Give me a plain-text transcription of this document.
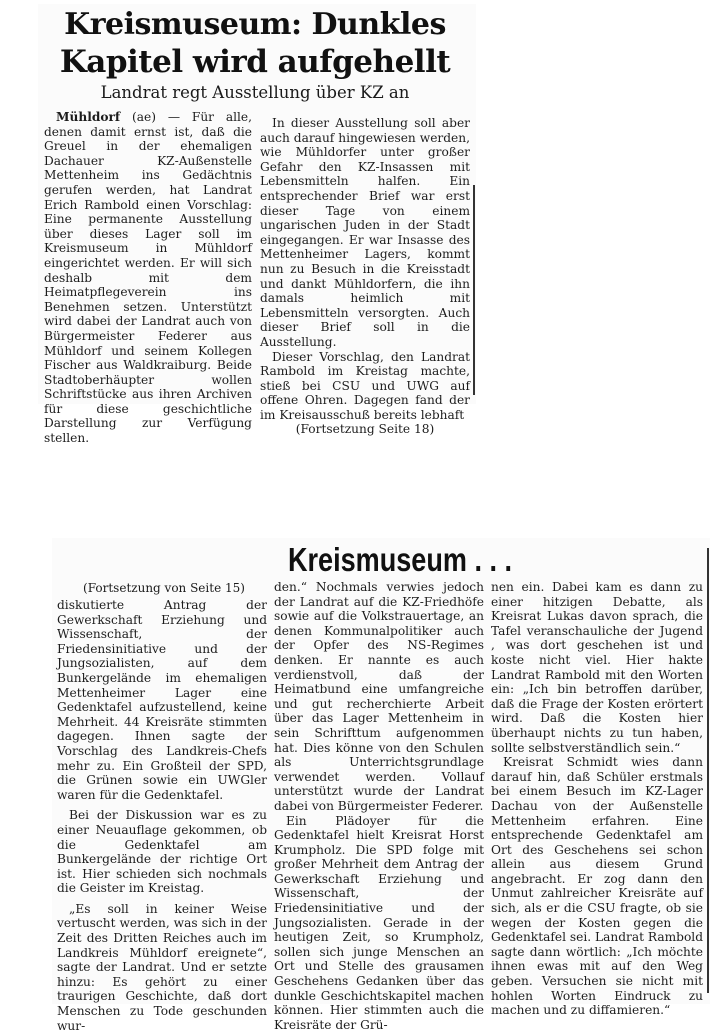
Kreismuseum: Dunkles
Kapitel wird aufgehellt
Landrat regt Ausstellung über KZ an

Mühldorf (ae) — Für alle, denen damit ernst ist, daß die Greuel in der ehemaligen Dachauer KZ-Außenstelle Mettenheim ins Gedächtnis gerufen werden, hat Landrat Erich Rambold einen Vorschlag: Eine permanente Ausstellung über dieses Lager soll im Kreismuseum in Mühldorf eingerichtet werden. Er will sich deshalb mit dem Heimatpflegeverein ins Benehmen setzen. Unterstützt wird dabei der Landrat auch von Bürgermeister Federer aus Mühldorf und seinem Kollegen Fischer aus Waldkraiburg. Beide Stadtoberhäupter wollen Schriftstücke aus ihren Archiven für diese geschichtliche Darstellung zur Verfügung stellen.

In dieser Ausstellung soll aber auch darauf hingewiesen werden, wie Mühldorfer unter großer Gefahr den KZ-Insassen mit Lebensmitteln halfen. Ein entsprechender Brief war erst dieser Tage von einem ungarischen Juden in der Stadt eingegangen. Er war Insasse des Mettenheimer Lagers, kommt nun zu Besuch in die Kreisstadt und dankt Mühldorfern, die ihn damals heimlich mit Lebensmitteln versorgten. Auch dieser Brief soll in die Ausstellung.

Dieser Vorschlag, den Landrat Rambold im Kreistag machte, stieß bei CSU und UWG auf offene Ohren. Dagegen fand der im Kreisausschuß bereits lebhaft

(Fortsetzung Seite 18)

Kreismuseum . . .
(Fortsetzung von Seite 15)

diskutierte Antrag der Gewerkschaft Erziehung und Wissenschaft, der Friedensinitiative und der Jungsozialisten, auf dem Bunkergelände im ehemaligen Mettenheimer Lager eine Gedenktafel aufzustellend, keine Mehrheit. 44 Kreisräte stimmten dagegen. Ihnen sagte der Vorschlag des Landkreis-Chefs mehr zu. Ein Großteil der SPD, die Grünen sowie ein UWGler waren für die Gedenktafel.

Bei der Diskussion war es zu einer Neuauflage gekommen, ob die Gedenktafel am Bunkergelände der richtige Ort ist. Hier schieden sich nochmals die Geister im Kreistag.

„Es soll in keiner Weise vertuscht werden, was sich in der Zeit des Dritten Reiches auch im Landkreis Mühldorf ereignete“, sagte der Landrat. Und er setzte hinzu: Es gehört zu einer traurigen Geschichte, daß dort Menschen zu Tode geschunden wur-

den.“ Nochmals verwies jedoch der Landrat auf die KZ-Friedhöfe sowie auf die Volkstrauertage, an denen Kommunalpolitiker auch der Opfer des NS-Regimes denken. Er nannte es auch verdienstvoll, daß der Heimatbund eine umfangreiche und gut recherchierte Arbeit über das Lager Mettenheim in sein Schrifttum aufgenommen hat. Dies könne von den Schulen als Unterrichtsgrundlage verwendet werden. Vollauf unterstützt wurde der Landrat dabei von Bürgermeister Federer.

Ein Plädoyer für die Gedenktafel hielt Kreisrat Horst Krumpholz. Die SPD folge mit großer Mehrheit dem Antrag der Gewerkschaft Erziehung und Wissenschaft, der Friedensinitiative und der Jungsozialisten. Gerade in der heutigen Zeit, so Krumpholz, sollen sich junge Menschen an Ort und Stelle des grausamen Geschehens Gedanken über das dunkle Geschichtskapitel machen können. Hier stimmten auch die Kreisräte der Grü-

nen ein. Dabei kam es dann zu einer hitzigen Debatte, als Kreisrat Lukas davon sprach, die Tafel veranschauliche der Jugend , was dort geschehen ist und koste nicht viel. Hier hakte Landrat Rambold mit den Worten ein: „Ich bin betroffen darüber, daß die Frage der Kosten erörtert wird. Daß die Kosten hier überhaupt nichts zu tun haben, sollte selbstverständlich sein.“

Kreisrat Schmidt wies dann darauf hin, daß Schüler erstmals bei einem Besuch im KZ-Lager Dachau von der Außenstelle Mettenheim erfahren. Eine entsprechende Gedenktafel am Ort des Geschehens sei schon allein aus diesem Grund angebracht. Er zog dann den Unmut zahlreicher Kreisräte auf sich, als er die CSU fragte, ob sie wegen der Kosten gegen die Gedenktafel sei. Landrat Rambold sagte dann wörtlich: „Ich möchte ihnen ewas mit auf den Weg geben. Versuchen sie nicht mit hohlen Worten Eindruck zu machen und zu diffamieren.“
